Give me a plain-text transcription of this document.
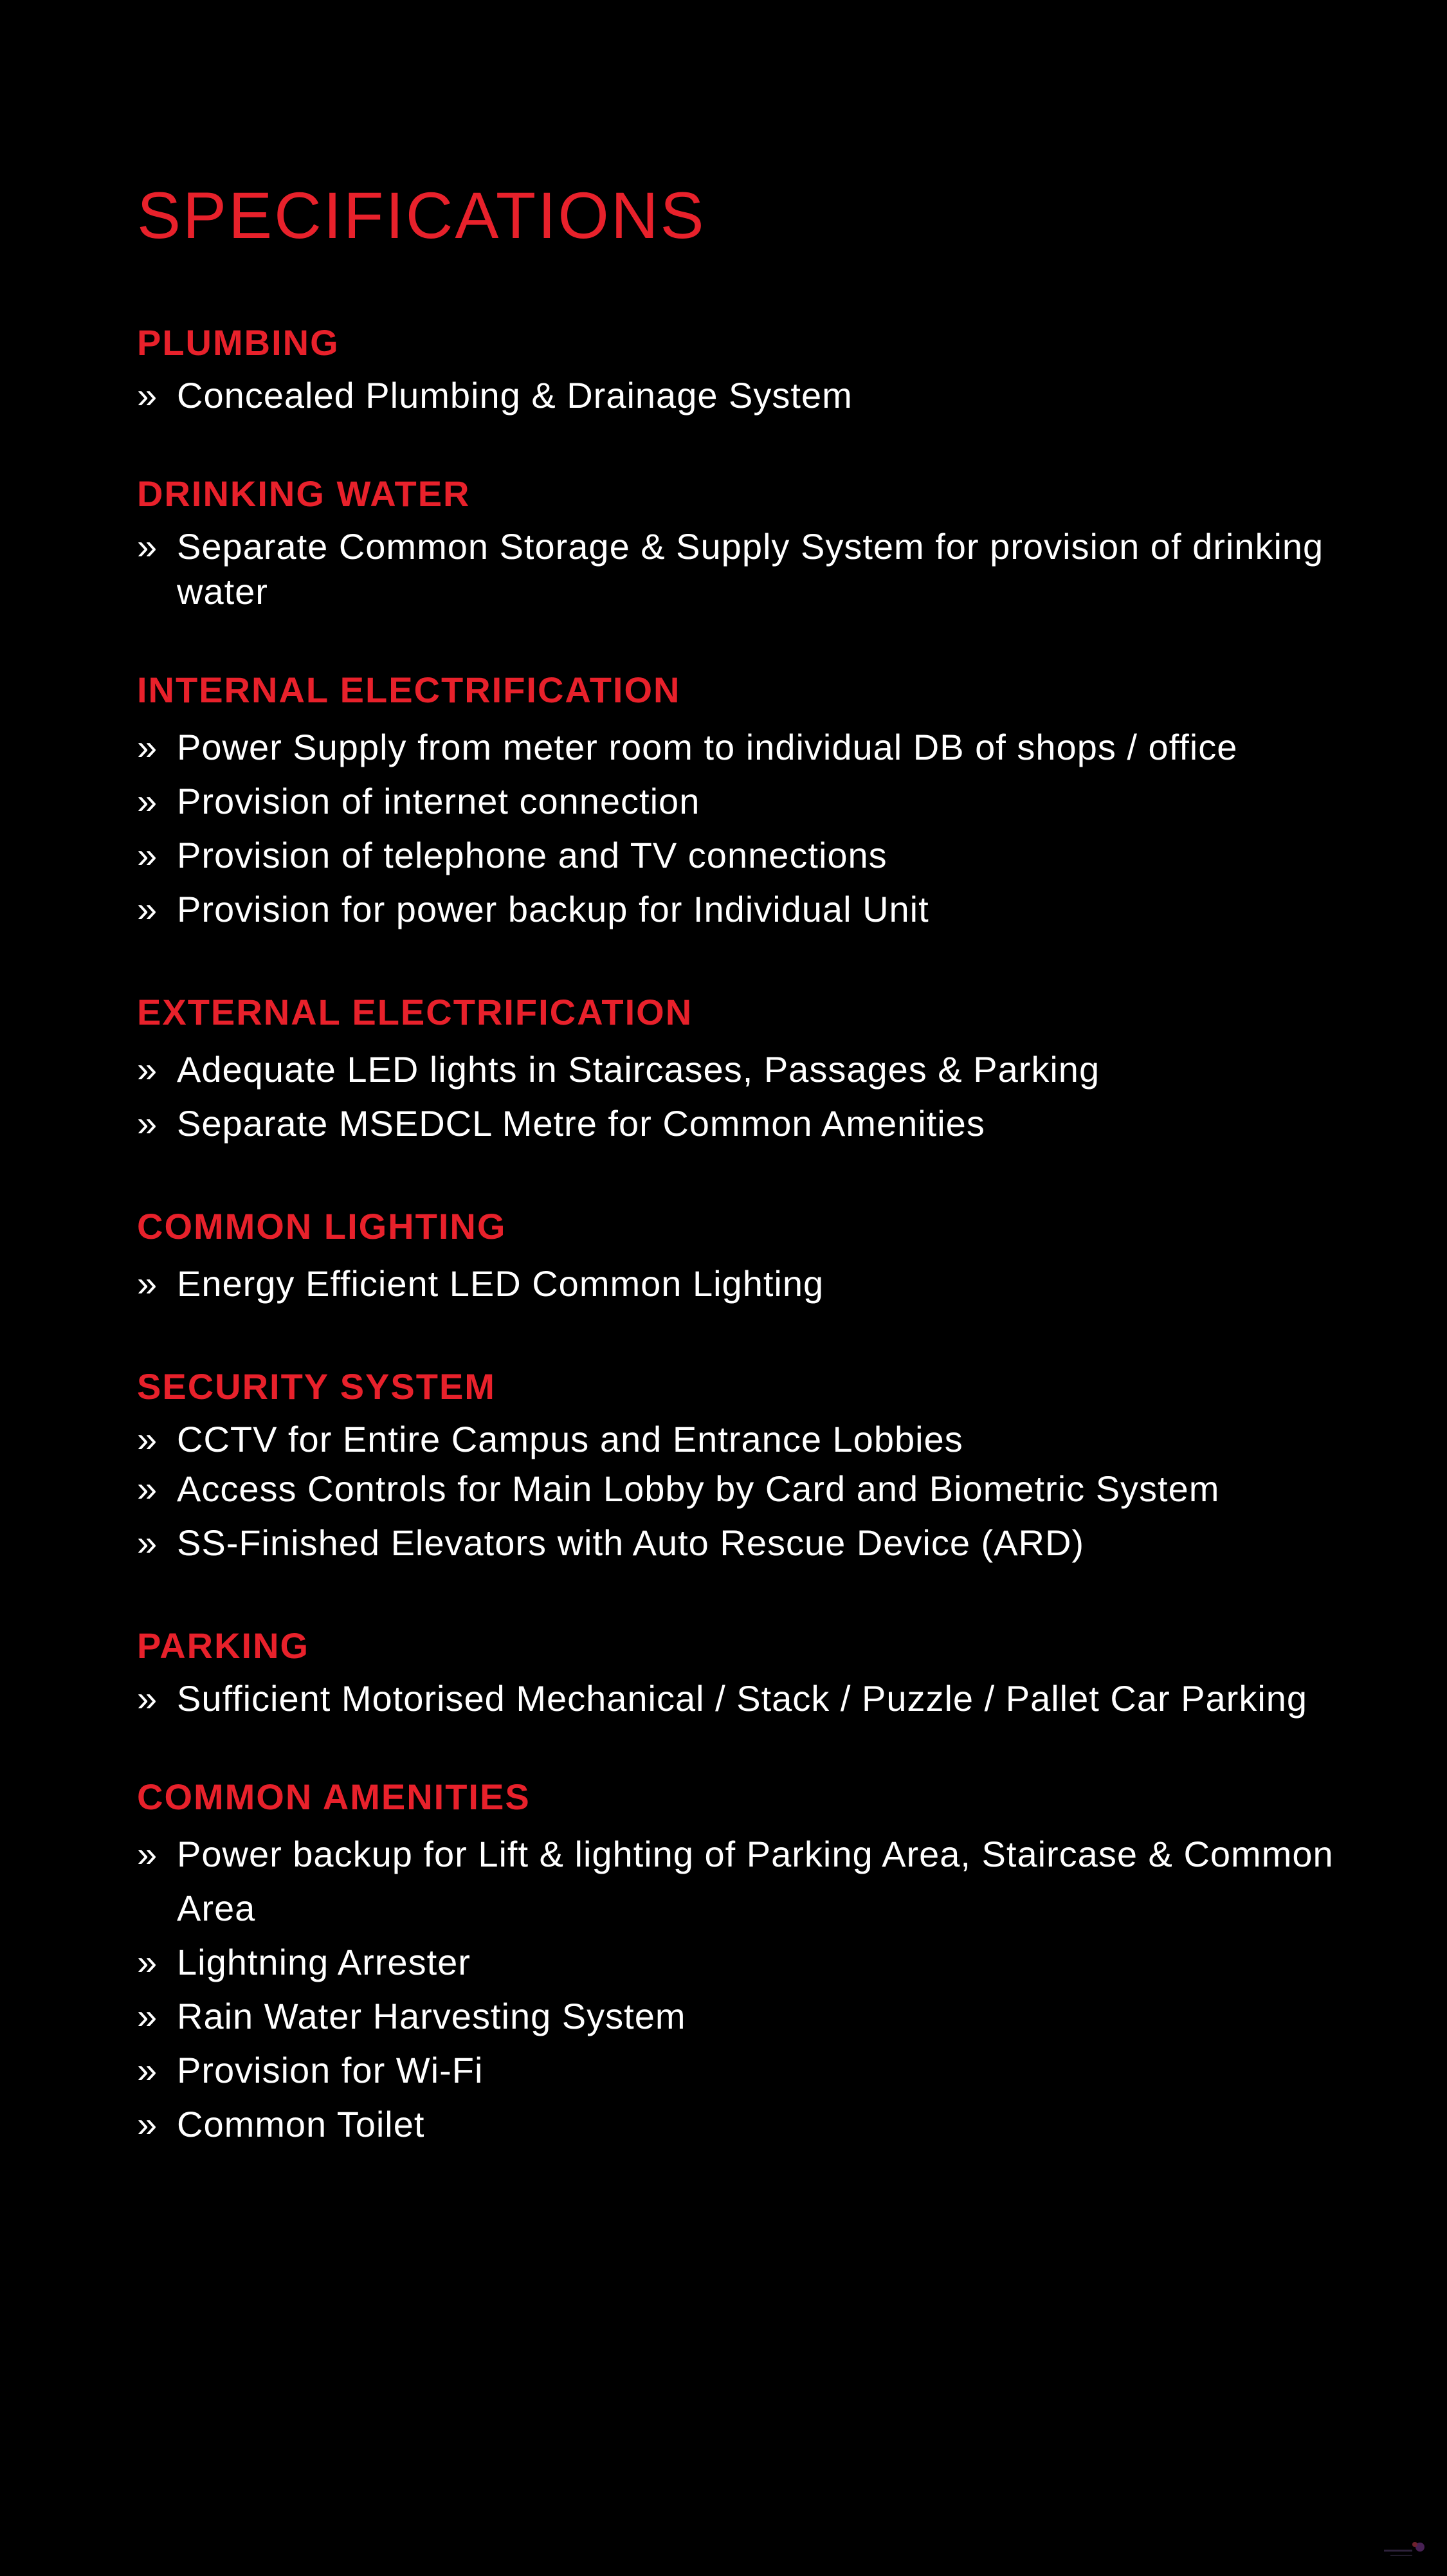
SPECIFICATIONS
PLUMBING
» Concealed Plumbing & Drainage System
DRINKING WATER
» Separate Common Storage & Supply System for provision of drinking water
INTERNAL ELECTRIFICATION
» Power Supply from meter room to individual DB of shops / office
» Provision of internet connection
» Provision of telephone and TV connections
» Provision for power backup for Individual Unit
EXTERNAL ELECTRIFICATION
» Adequate LED lights in Staircases, Passages & Parking
» Separate MSEDCL Metre for Common Amenities
COMMON LIGHTING
» Energy Efficient LED Common Lighting
SECURITY SYSTEM
» CCTV for Entire Campus and Entrance Lobbies
» Access Controls for Main Lobby by Card and Biometric System
» SS-Finished Elevators with Auto Rescue Device (ARD)
PARKING
» Sufficient Motorised Mechanical / Stack / Puzzle / Pallet Car Parking
COMMON AMENITIES
» Power backup for Lift & lighting of Parking Area, Staircase & Common Area
» Lightning Arrester
» Rain Water Harvesting System
» Provision for Wi-Fi
» Common Toilet
